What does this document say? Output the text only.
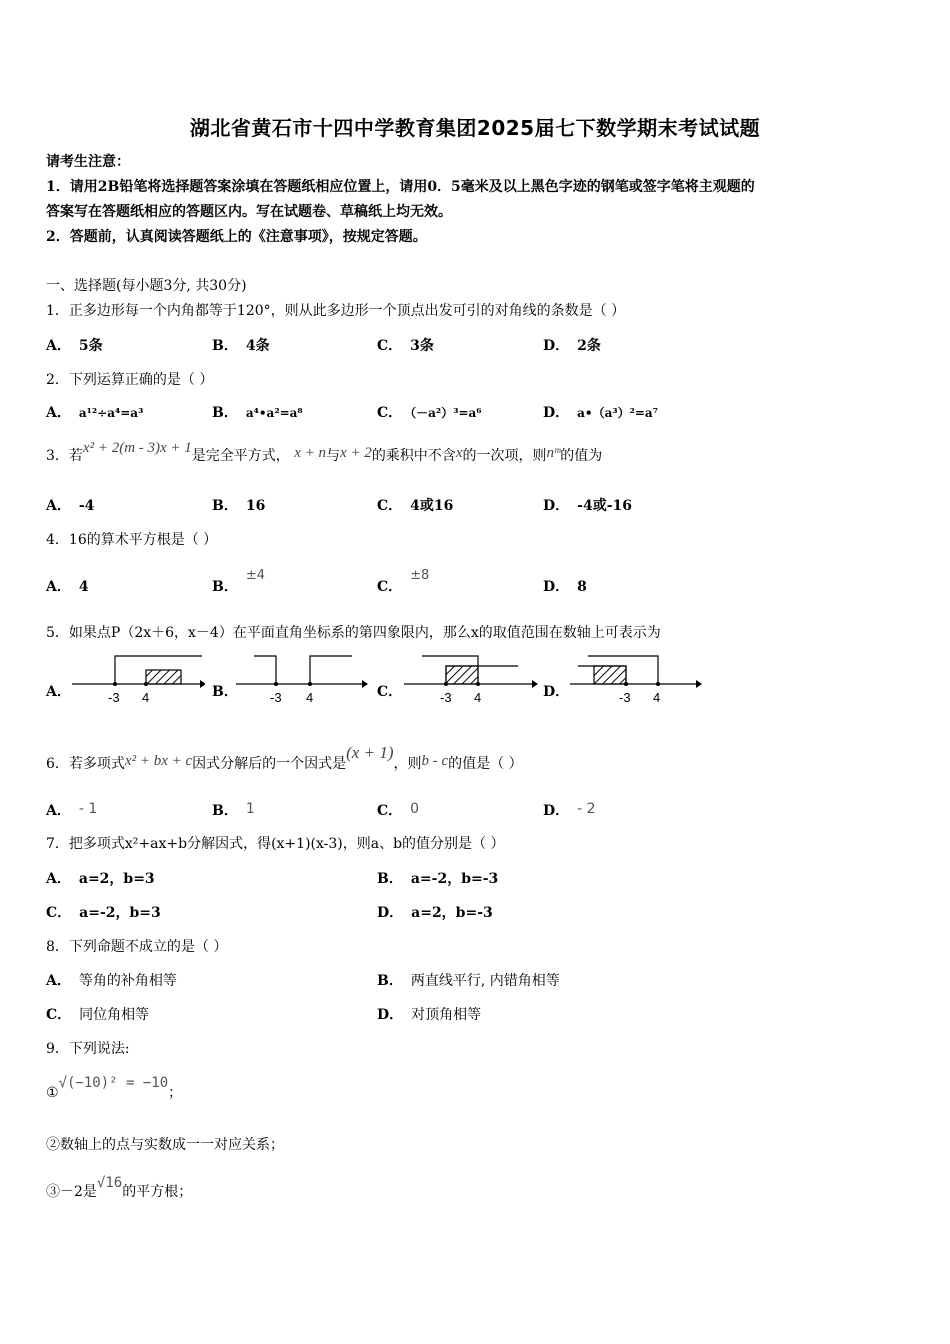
湖北省黄石市十四中学教育集团2025届七下数学期末考试试题
请考生注意：
1．请用2B铅笔将选择题答案涂填在答题纸相应位置上，请用0．5毫米及以上黑色字迹的钢笔或签字笔将主观题的
答案写在答题纸相应的答题区内。写在试题卷、草稿纸上均无效。
2．答题前，认真阅读答题纸上的《注意事项》，按规定答题。
一、选择题(每小题3分, 共30分)
1．正多边形每一个内角都等于120°，则从此多边形一个顶点出发可引的对角线的条数是（ ）
A． 5条	B． 4条	C． 3条	D． 2条
2．下列运算正确的是（ ）
A． a¹²÷a⁴=a³	B． a⁴•a²=a⁸	C． （－a²）³=a⁶	D． a•（a³）²=a⁷
3．若x² + 2(m - 3)x + 1是完全平方式， x + n与x + 2的乘积中不含x的一次项，则nᵐ的值为
A． -4	B． 16	C． 4或16	D． -4或-16
4．16的算术平方根是（ ）
A． 4	B．±4
C．±8
D． 8
5．如果点P（2x＋6，x－4）在平面直角坐标系的第四象限内，那么x的取值范围在数轴上可表示为
A．	-3 4	B．	-3 4	C．	-3 4	D．	-3 4
6．若多项式x² + bx + c因式分解后的一个因式是(x + 1)，则b - c的值是（ ）
A． - 1	B． 1	C． 0	D． - 2
7．把多项式x²+ax+b分解因式，得(x+1)(x-3)，则a、b的值分别是（ ）
A． a=2，b=3	B． a=-2，b=-3
C． a=-2，b=3	D． a=2，b=-3
8．下列命题不成立的是（ ）
A． 等角的补角相等	B． 两直线平行, 内错角相等
C． 同位角相等	D． 对顶角相等
9．下列说法:
①√(−10)² = −10；
②数轴上的点与实数成一一对应关系；
③－2是√16的平方根；
